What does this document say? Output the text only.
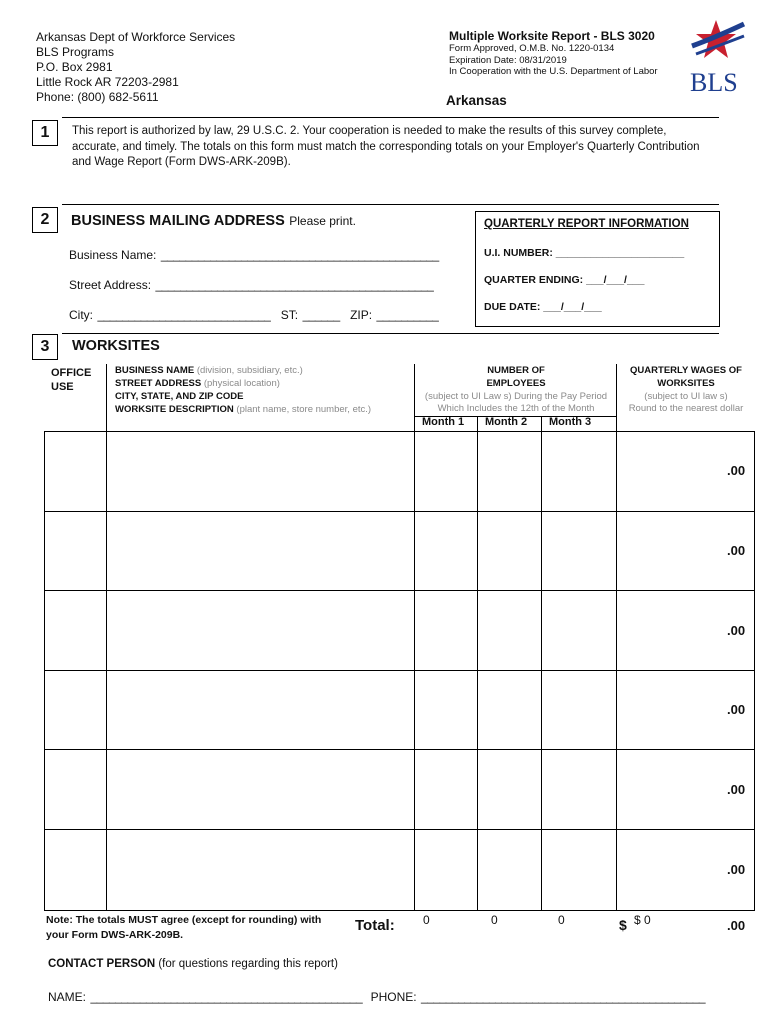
Arkansas Dept of Workforce Services
BLS Programs
P.O. Box 2981
Little Rock AR 72203-2981
Phone: (800) 682-5611
Multiple Worksite Report - BLS 3020
Form Approved, O.M.B. No. 1220-0134
Expiration Date: 08/31/2019
In Cooperation with the U.S. Department of Labor
Arkansas
BLS
1	This report is authorized by law, 29 U.S.C. 2. Your cooperation is needed to make the results of this survey complete, accurate, and timely. The totals on this form must match the corresponding totals on your Employer's Quarterly Contribution and Wage Report (Form DWS-ARK-209B).
2	BUSINESS MAILING ADDRESS Please print.
Business Name: _____________________________________________
Street Address: _____________________________________________
City: ____________________________ ST: ______ ZIP: __________
QUARTERLY REPORT INFORMATION
U.I. NUMBER: ______________________
QUARTER ENDING: ___/___/___
DUE DATE: ___/___/___
3	WORKSITES
OFFICE USE
BUSINESS NAME (division, subsidiary, etc.)
STREET ADDRESS (physical location)
CITY, STATE, AND ZIP CODE
WORKSITE DESCRIPTION (plant name, store number, etc.)
NUMBER OF EMPLOYEES
(subject to UI Law s) During the Pay Period
Which Includes the 12th of the Month
QUARTERLY WAGES OF WORKSITES
(subject to UI law s)
Round to the nearest dollar
Month 1 Month 2 Month 3
.00
.00
.00
.00
.00
.00
Note: The totals MUST agree (except for rounding) with your Form DWS-ARK-209B.
Total: 0	0	0	$ $ 0	.00
CONTACT PERSON (for questions regarding this report)
NAME: ____________________________________________ PHONE: ______________________________________________
